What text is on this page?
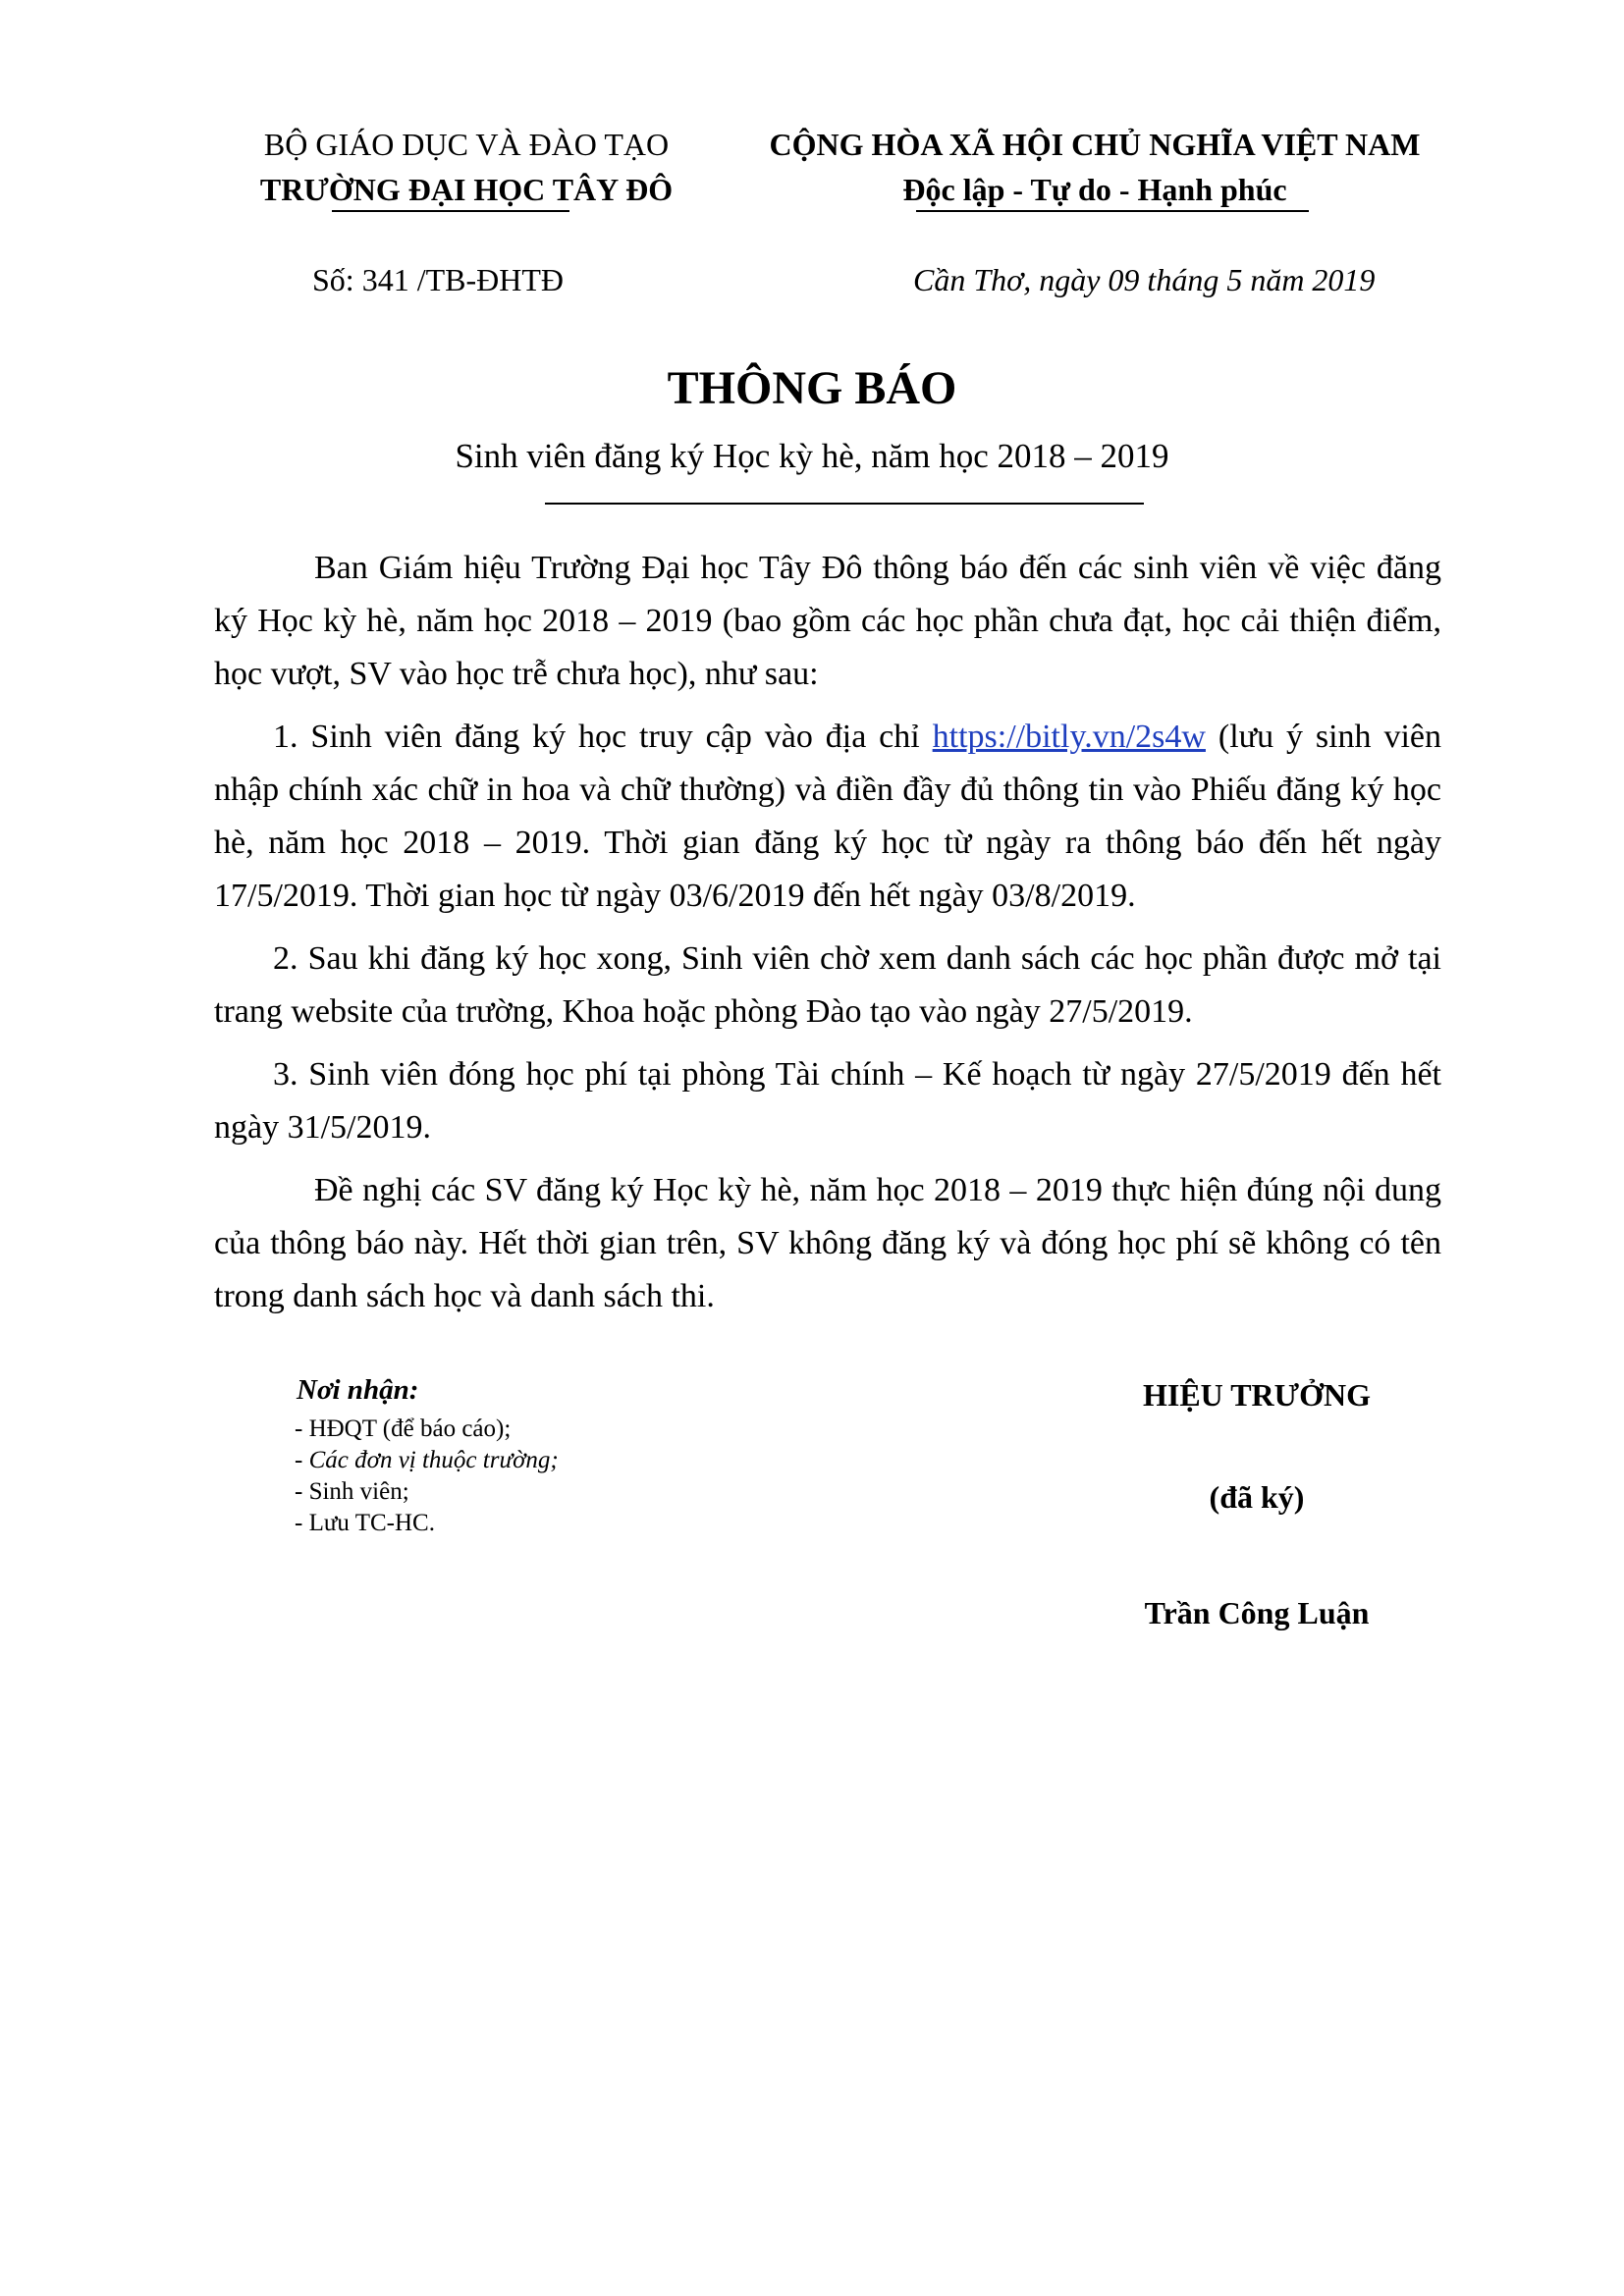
BỘ GIÁO DỤC VÀ ĐÀO TẠO
TRƯỜNG ĐẠI HỌC TÂY ĐÔ
CỘNG HÒA XÃ HỘI CHỦ NGHĨA VIỆT NAM
Độc lập - Tự do - Hạnh phúc
Số: 341 /TB-ĐHTĐ	Cần Thơ, ngày 09 tháng 5 năm 2019
THÔNG BÁO
Sinh viên đăng ký Học kỳ hè, năm học 2018 – 2019

Ban Giám hiệu Trường Đại học Tây Đô thông báo đến các sinh viên về việc đăng ký Học kỳ hè, năm học 2018 – 2019 (bao gồm các học phần chưa đạt, học cải thiện điểm, học vượt, SV vào học trễ chưa học), như sau:

1. Sinh viên đăng ký học truy cập vào địa chỉ https://bitly.vn/2s4w (lưu ý sinh viên nhập chính xác chữ in hoa và chữ thường) và điền đầy đủ thông tin vào Phiếu đăng ký học hè, năm học 2018 – 2019. Thời gian đăng ký học từ ngày ra thông báo đến hết ngày 17/5/2019. Thời gian học từ ngày 03/6/2019 đến hết ngày 03/8/2019.

2. Sau khi đăng ký học xong, Sinh viên chờ xem danh sách các học phần được mở tại trang website của trường, Khoa hoặc phòng Đào tạo vào ngày 27/5/2019.

3. Sinh viên đóng học phí tại phòng Tài chính – Kế hoạch từ ngày 27/5/2019 đến hết ngày 31/5/2019.

Đề nghị các SV đăng ký Học kỳ hè, năm học 2018 – 2019 thực hiện đúng nội dung của thông báo này. Hết thời gian trên, SV không đăng ký và đóng học phí sẽ không có tên trong danh sách học và danh sách thi.

Nơi nhận:
- HĐQT (để báo cáo);
- Các đơn vị thuộc trường;
- Sinh viên;
- Lưu TC-HC.
HIỆU TRƯỞNG
(đã ký)
Trần Công Luận
